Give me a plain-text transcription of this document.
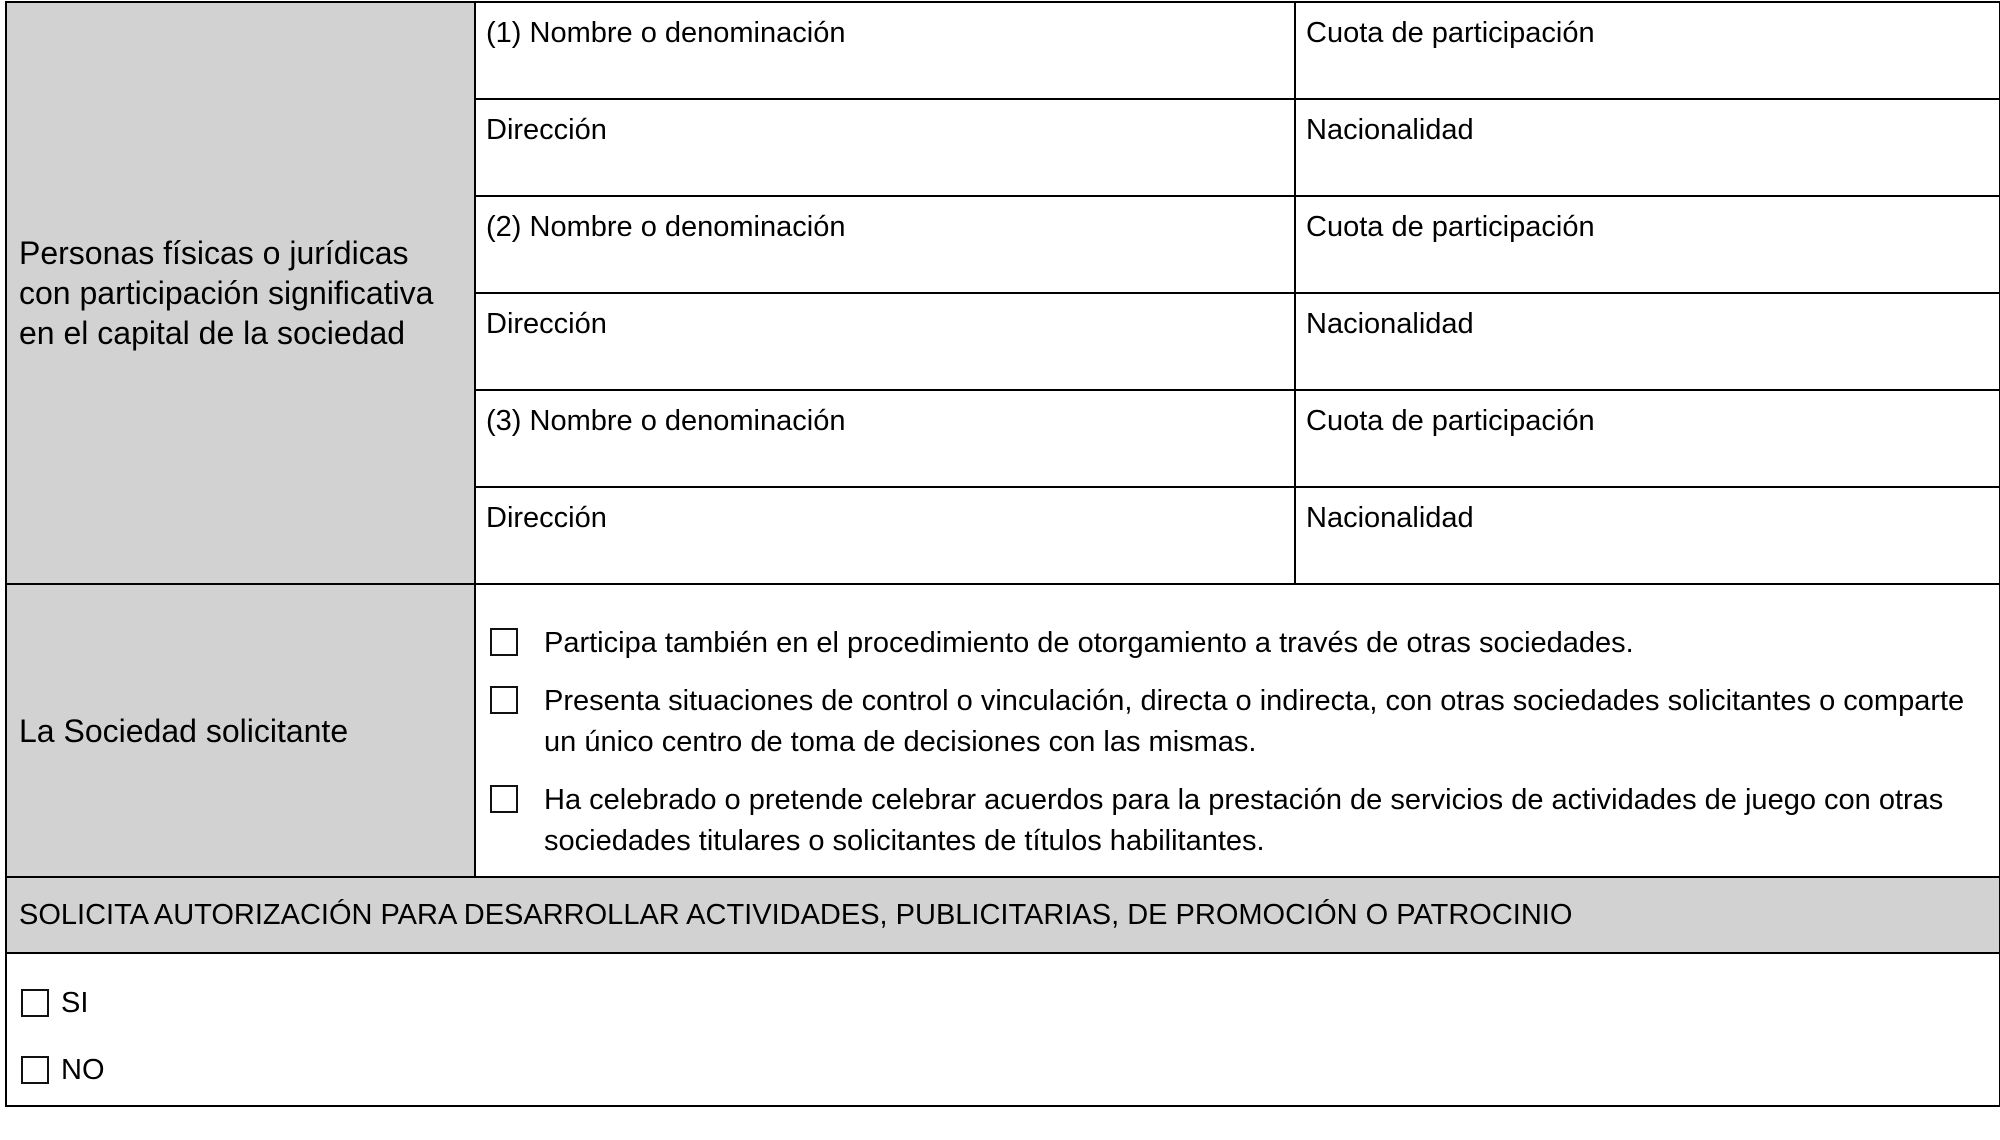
Personas físicas o jurídicas con participación significativa en el capital de la sociedad
(1) Nombre o denominación	Cuota de participación
Dirección	Nacionalidad
(2) Nombre o denominación	Cuota de participación
Dirección	Nacionalidad
(3) Nombre o denominación	Cuota de participación
Dirección	Nacionalidad
La Sociedad solicitante
Participa también en el procedimiento de otorgamiento a través de otras sociedades.
Presenta situaciones de control o vinculación, directa o indirecta, con otras sociedades solicitantes o comparte un único centro de toma de decisiones con las mismas.
Ha celebrado o pretende celebrar acuerdos para la prestación de servicios de actividades de juego con otras sociedades titulares o solicitantes de títulos habilitantes.
SOLICITA AUTORIZACIÓN PARA DESARROLLAR ACTIVIDADES, PUBLICITARIAS, DE PROMOCIÓN O PATROCINIO
SI
NO
